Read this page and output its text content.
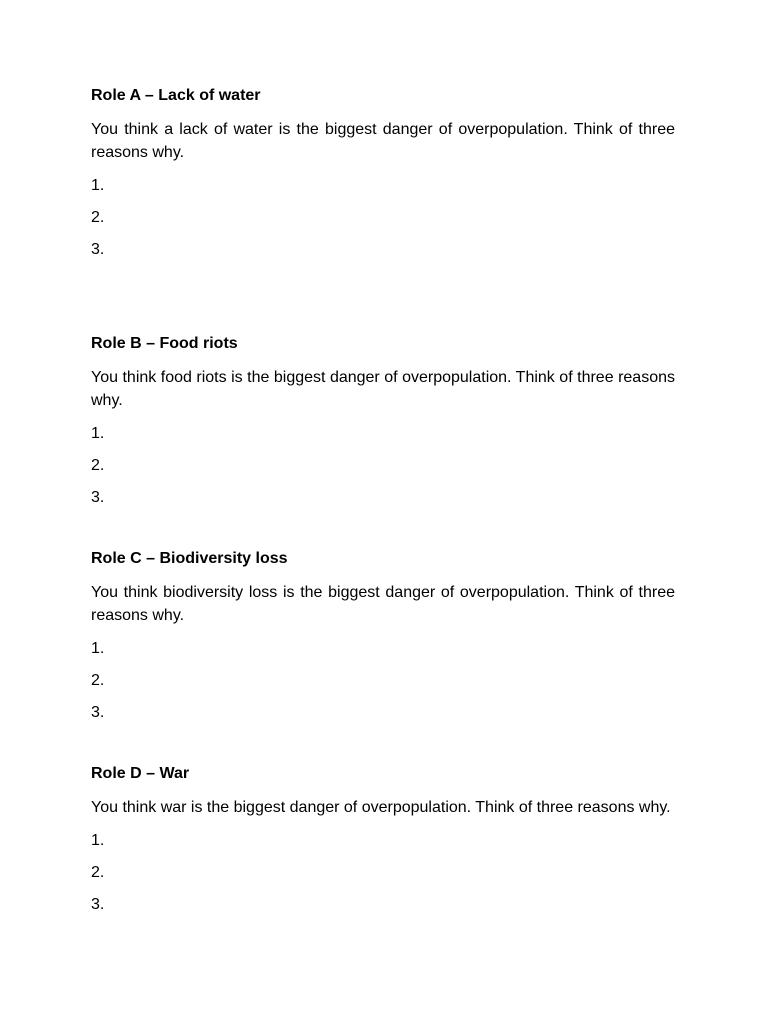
Role A – Lack of water

You think a lack of water is the biggest danger of overpopulation. Think of three reasons why.

1.
2.
3.
Role B – Food riots

You think food riots is the biggest danger of overpopulation. Think of three reasons why.

1.
2.
3.
Role C – Biodiversity loss

You think biodiversity loss is the biggest danger of overpopulation. Think of three reasons why.

1.
2.
3.
Role D – War

You think war is the biggest danger of overpopulation. Think of three reasons why.

1.
2.
3.
